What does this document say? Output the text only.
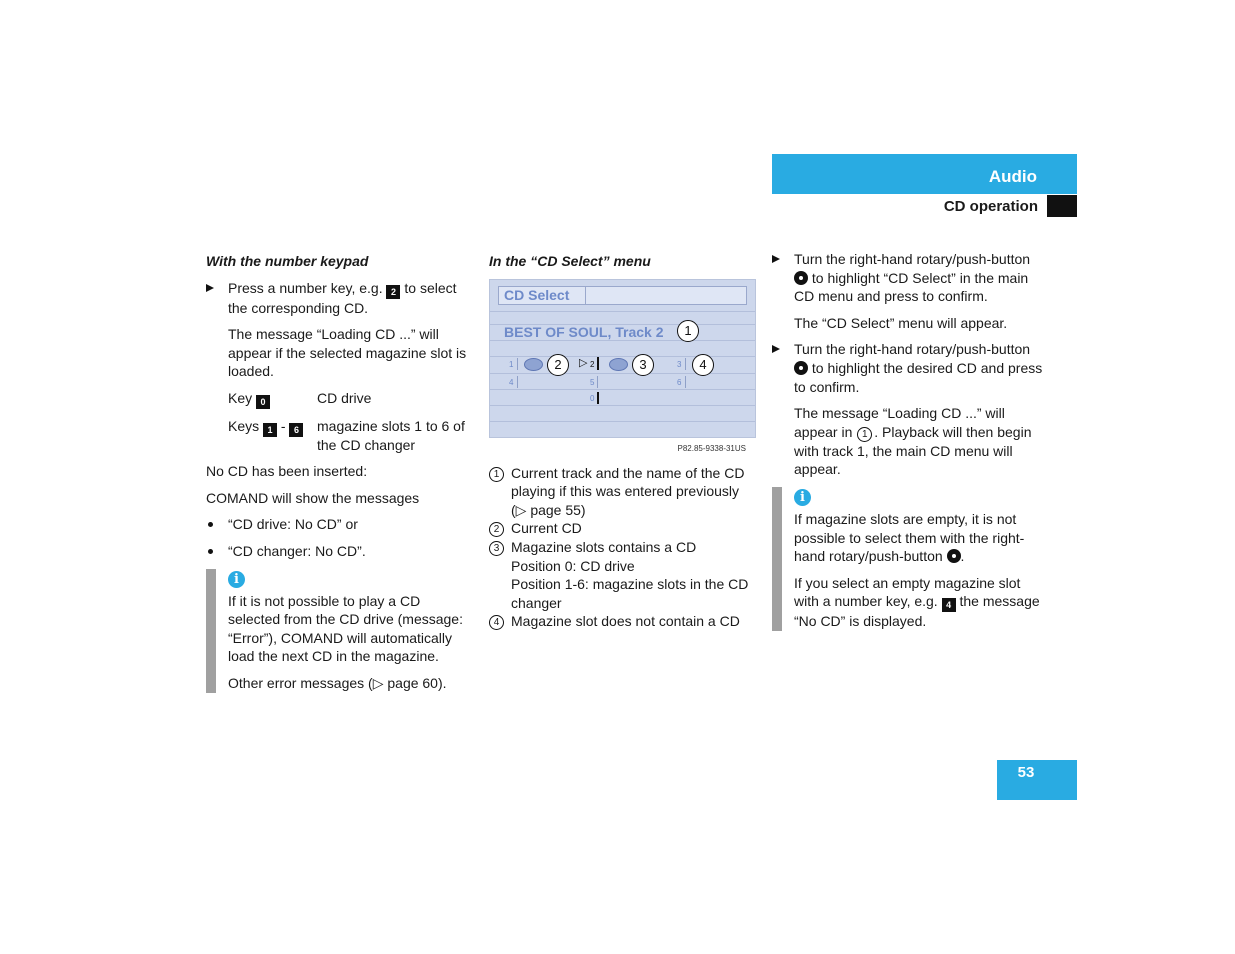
Audio
CD operation
With the number keypad
Press a number key, e.g. 2 to select the corresponding CD.

The message “Loading CD ...” will appear if the selected magazine slot is loaded.

Key 0	CD drive
Keys 1 - 6	magazine slots 1 to 6 of the CD changer

No CD has been inserted:

COMAND will show the messages

“CD drive: No CD” or
“CD changer: No CD”.
i

If it is not possible to play a CD selected from the CD drive (message: “Error”), COMAND will automatically load the next CD in the magazine.

Other error messages (▷ page 60).

In the “CD Select” menu
CD Select
BEST OF SOUL, Track 2
1	▷ 2	3
4	5	6
0
1
2	3	4
P82.85-9338-31US
1 Current track and the name of the CD playing if this was entered previously (▷ page 55)
2 Current CD
3 Magazine slots contains a CD
Position 0: CD drive
Position 1-6: magazine slots in the CD changer
4 Magazine slot does not contain a CD
Turn the right-hand rotary/push-button  to highlight “CD Select” in the main CD menu and press to confirm.

The “CD Select” menu will appear.

Turn the right-hand rotary/push-button  to highlight the desired CD and press to confirm.

The message “Loading CD ...” will appear in 1 . Playback will then begin with track 1, the main CD menu will appear.

i

If magazine slots are empty, it is not possible to select them with the right-hand rotary/push-button .

If you select an empty magazine slot with a number key, e.g. 4 the message “No CD” is displayed.

53
